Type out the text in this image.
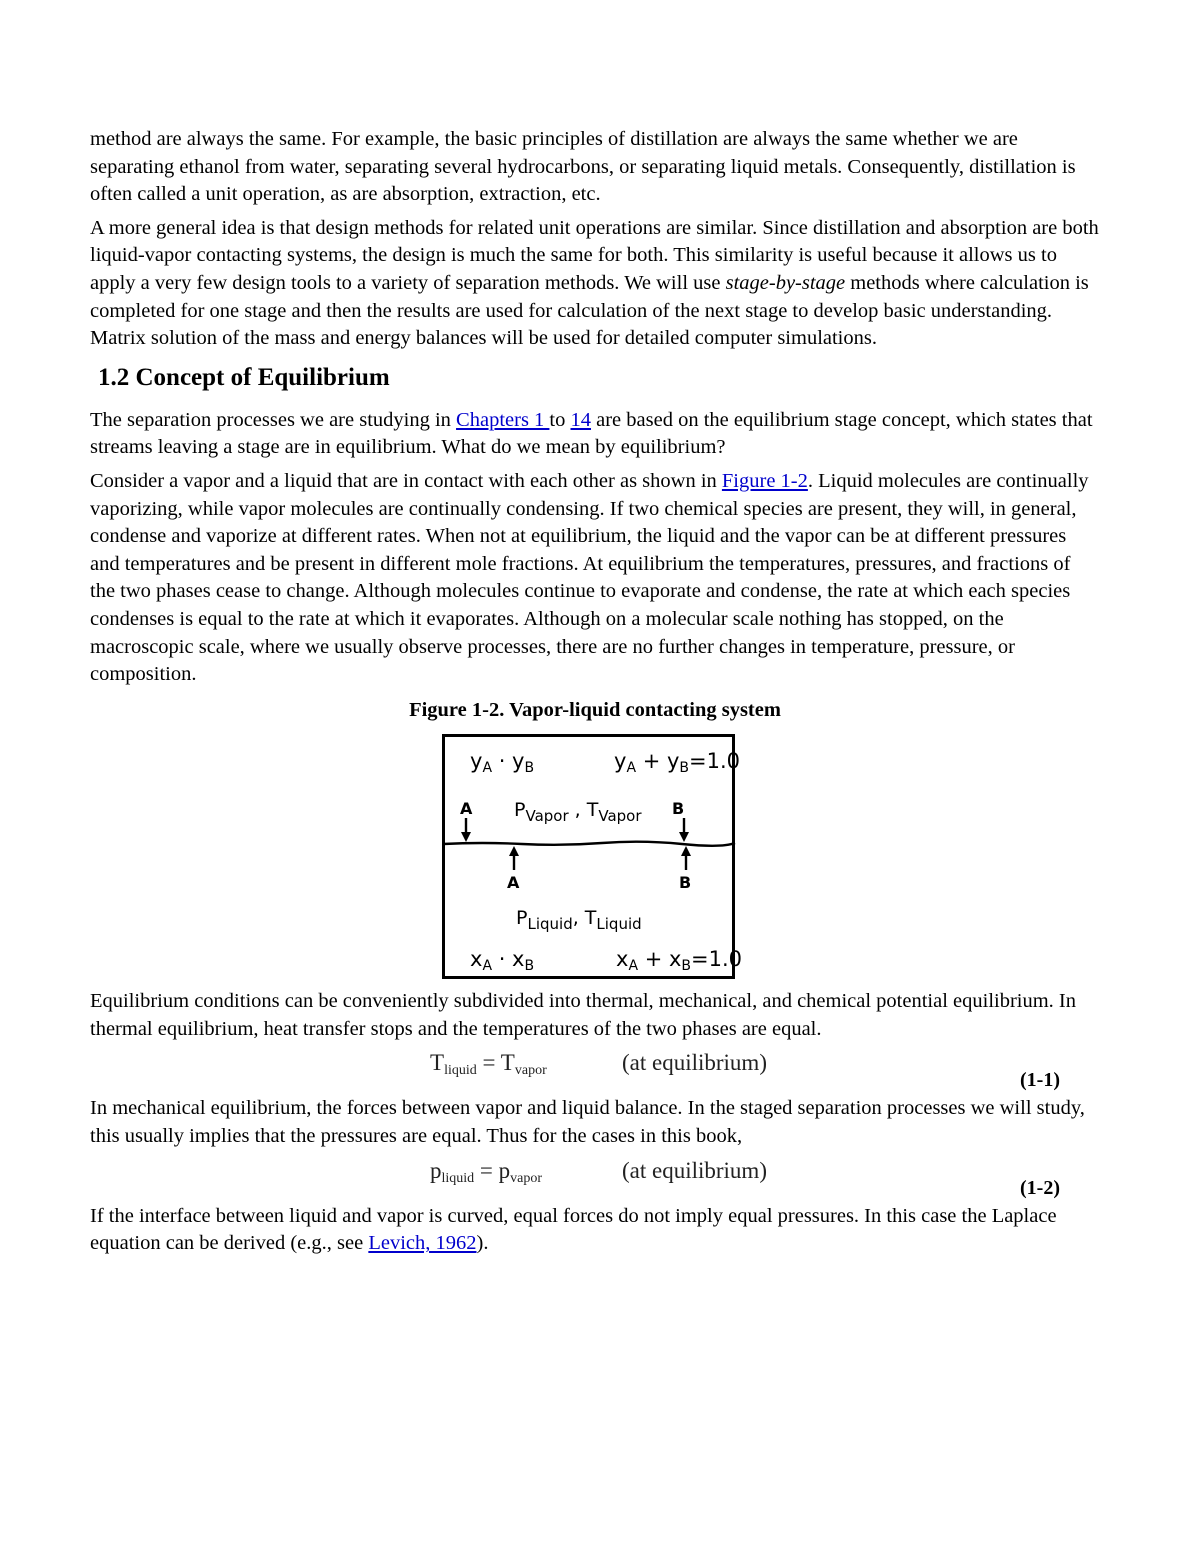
method are always the same. For example, the basic principles of distillation are always the same whether we are separating ethanol from water, separating several hydrocarbons, or separating liquid metals. Consequently, distillation is often called a unit operation, as are absorption, extraction, etc.

A more general idea is that design methods for related unit operations are similar. Since distillation and absorption are both liquid-vapor contacting systems, the design is much the same for both. This similarity is useful because it allows us to apply a very few design tools to a variety of separation methods. We will use stage-by-stage methods where calculation is completed for one stage and then the results are used for calculation of the next stage to develop basic understanding. Matrix solution of the mass and energy balances will be used for detailed computer simulations.

1.2 Concept of Equilibrium

The separation processes we are studying in Chapters 1 to 14 are based on the equilibrium stage concept, which states that streams leaving a stage are in equilibrium. What do we mean by equilibrium?

Consider a vapor and a liquid that are in contact with each other as shown in Figure 1-2. Liquid molecules are continually vaporizing, while vapor molecules are continually condensing. If two chemical species are present, they will, in general, condense and vaporize at different rates. When not at equilibrium, the liquid and the vapor can be at different pressures and temperatures and be present in different mole fractions. At equilibrium the temperatures, pressures, and fractions of the two phases cease to change. Although molecules continue to evaporate and condense, the rate at which each species condenses is equal to the rate at which it evaporates. Although on a molecular scale nothing has stopped, on the macroscopic scale, where we usually observe processes, there are no further changes in temperature, pressure, or composition.

Figure 1-2. Vapor-liquid contacting system
yA · yB	yA + yB=1.0
A $P_{Vapor}$ , $T_{Vapor}$ B
A	B
$P_{Liquid}$, $T_{Liquid}$
xA · xB	xA + xB=1.0

Equilibrium conditions can be conveniently subdivided into thermal, mechanical, and chemical potential equilibrium. In thermal equilibrium, heat transfer stops and the temperatures of the two phases are equal.

$T_{liquid} = T_{vapor}$	(at equilibrium)
(1-1)

In mechanical equilibrium, the forces between vapor and liquid balance. In the staged separation processes we will study, this usually implies that the pressures are equal. Thus for the cases in this book,

$p_{liquid} = p_{vapor}$	(at equilibrium)
(1-2)

If the interface between liquid and vapor is curved, equal forces do not imply equal pressures. In this case the Laplace equation can be derived (e.g., see Levich, 1962).
